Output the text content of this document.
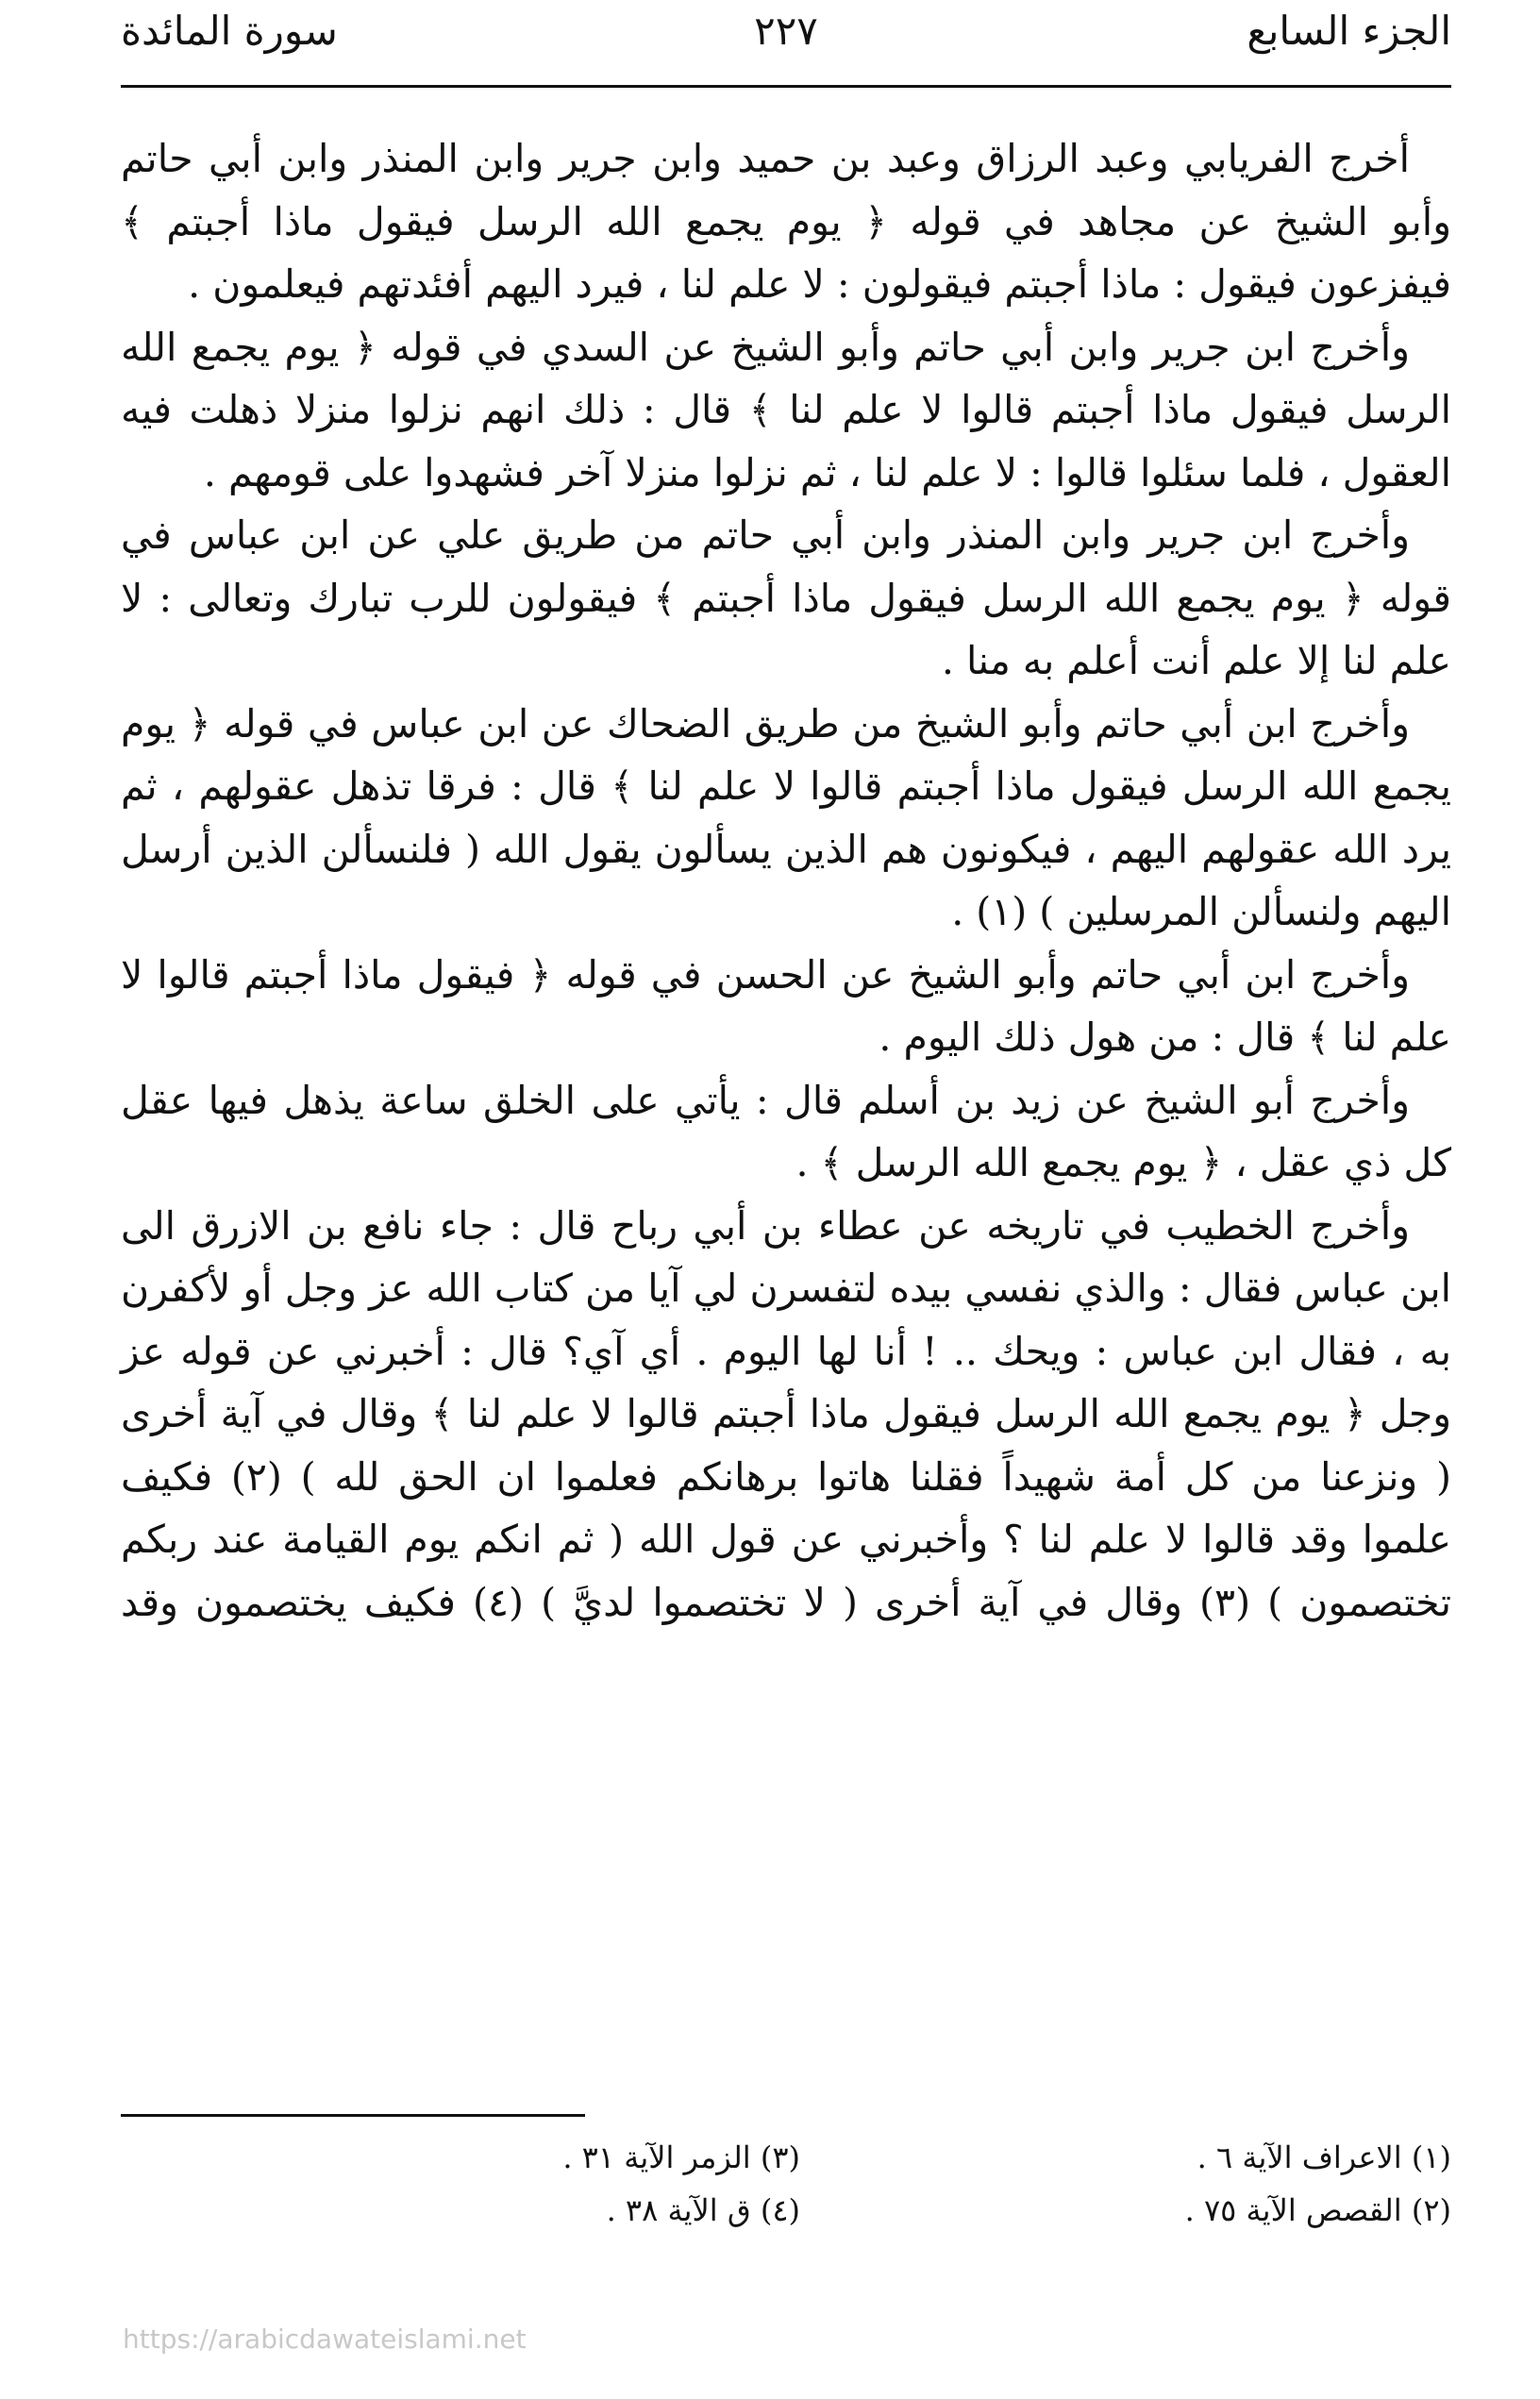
الجزء السابع
٢٢٧
سورة المائدة

أخرج الفريابي وعبد الرزاق وعبد بن حميد وابن جرير وابن المنذر وابن أبي حاتم وأبو الشيخ عن مجاهد في قوله ﴿ يوم يجمع الله الرسل فيقول ماذا أجبتم ﴾ فيفزعون فيقول : ماذا أجبتم فيقولون : لا علم لنا ، فيرد اليهم أفئدتهم فيعلمون .

وأخرج ابن جرير وابن أبي حاتم وأبو الشيخ عن السدي في قوله ﴿ يوم يجمع الله الرسل فيقول ماذا أجبتم قالوا لا علم لنا ﴾ قال : ذلك انهم نزلوا منزلا ذهلت فيه العقول ، فلما سئلوا قالوا : لا علم لنا ، ثم نزلوا منزلا آخر فشهدوا على قومهم .

وأخرج ابن جرير وابن المنذر وابن أبي حاتم من طريق علي عن ابن عباس في قوله ﴿ يوم يجمع الله الرسل فيقول ماذا أجبتم ﴾ فيقولون للرب تبارك وتعالى : لا علم لنا إلا علم أنت أعلم به منا .

وأخرج ابن أبي حاتم وأبو الشيخ من طريق الضحاك عن ابن عباس في قوله ﴿ يوم يجمع الله الرسل فيقول ماذا أجبتم قالوا لا علم لنا ﴾ قال : فرقا تذهل عقولهم ، ثم يرد الله عقولهم اليهم ، فيكونون هم الذين يسألون يقول الله ( فلنسألن الذين أرسل اليهم ولنسألن المرسلين ) (١) .

وأخرج ابن أبي حاتم وأبو الشيخ عن الحسن في قوله ﴿ فيقول ماذا أجبتم قالوا لا علم لنا ﴾ قال : من هول ذلك اليوم .

وأخرج أبو الشيخ عن زيد بن أسلم قال : يأتي على الخلق ساعة يذهل فيها عقل كل ذي عقل ، ﴿ يوم يجمع الله الرسل ﴾ .

وأخرج الخطيب في تاريخه عن عطاء بن أبي رباح قال : جاء نافع بن الازرق الى ابن عباس فقال : والذي نفسي بيده لتفسرن لي آيا من كتاب الله عز وجل أو لأكفرن به ، فقال ابن عباس : ويحك .. ! أنا لها اليوم . أي آي؟ قال : أخبرني عن قوله عز وجل ﴿ يوم يجمع الله الرسل فيقول ماذا أجبتم قالوا لا علم لنا ﴾ وقال في آية أخرى ( ونزعنا من كل أمة شهيداً فقلنا هاتوا برهانكم فعلموا ان الحق لله ) (٢) فكيف علموا وقد قالوا لا علم لنا ؟ وأخبرني عن قول الله ( ثم انكم يوم القيامة عند ربكم تختصمون ) (٣) وقال في آية أخرى ( لا تختصموا لديَّ ) (٤) فكيف يختصمون وقد

(١) الاعراف الآية ٦ .
(٢) القصص الآية ٧٥ .
(٣) الزمر الآية ٣١ .
(٤) ق الآية ٣٨ .
https://arabicdawateislami.net
